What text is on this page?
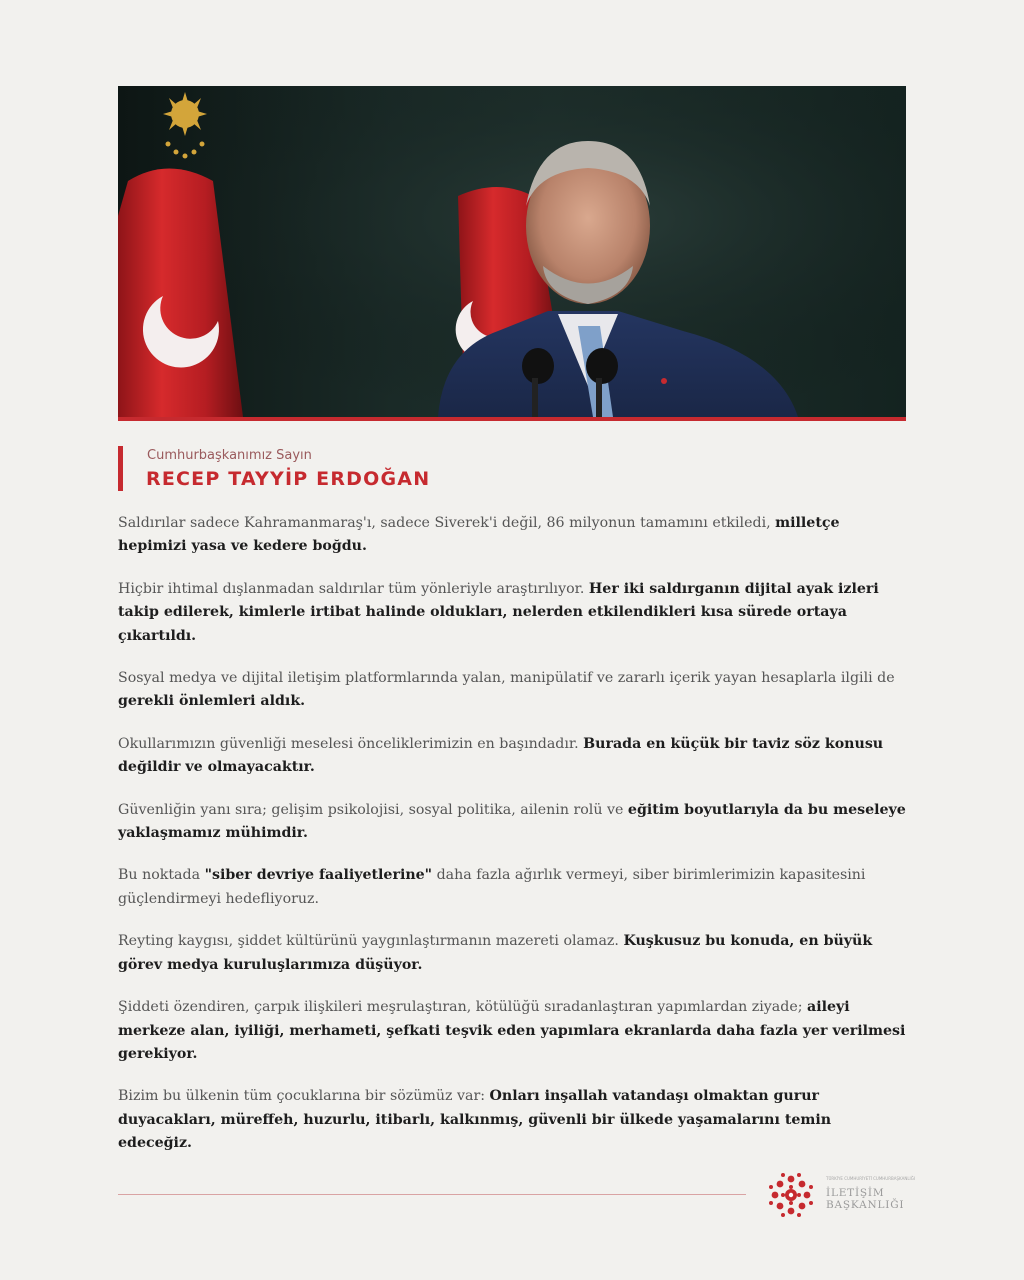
Cumhurbaşkanımız Sayın
RECEP TAYYİP ERDOĞAN

Saldırılar sadece Kahramanmaraş'ı, sadece Siverek'i değil, 86 milyonun tamamını etkiledi, milletçe hepimizi yasa ve kedere boğdu.

Hiçbir ihtimal dışlanmadan saldırılar tüm yönleriyle araştırılıyor. Her iki saldırganın dijital ayak izleri takip edilerek, kimlerle irtibat halinde oldukları, nelerden etkilendikleri kısa sürede ortaya çıkartıldı.

Sosyal medya ve dijital iletişim platformlarında yalan, manipülatif ve zararlı içerik yayan hesaplarla ilgili de gerekli önlemleri aldık.

Okullarımızın güvenliği meselesi önceliklerimizin en başındadır. Burada en küçük bir taviz söz konusu değildir ve olmayacaktır.

Güvenliğin yanı sıra; gelişim psikolojisi, sosyal politika, ailenin rolü ve eğitim boyutlarıyla da bu meseleye yaklaşmamız mühimdir.

Bu noktada "siber devriye faaliyetlerine" daha fazla ağırlık vermeyi, siber birimlerimizin kapasitesini güçlendirmeyi hedefliyoruz.

Reyting kaygısı, şiddet kültürünü yaygınlaştırmanın mazereti olamaz. Kuşkusuz bu konuda, en büyük görev medya kuruluşlarımıza düşüyor.

Şiddeti özendiren, çarpık ilişkileri meşrulaştıran, kötülüğü sıradanlaştıran yapımlardan ziyade; aileyi merkeze alan, iyiliği, merhameti, şefkati teşvik eden yapımlara ekranlarda daha fazla yer verilmesi gerekiyor.

Bizim bu ülkenin tüm çocuklarına bir sözümüz var: Onları inşallah vatandaşı olmaktan gurur duyacakları, müreffeh, huzurlu, itibarlı, kalkınmış, güvenli bir ülkede yaşamalarını temin edeceğiz.

TÜRKİYE CUMHURİYETİ CUMHURBAŞKANLIĞI
İLETİŞİM
BAŞKANLIĞI
